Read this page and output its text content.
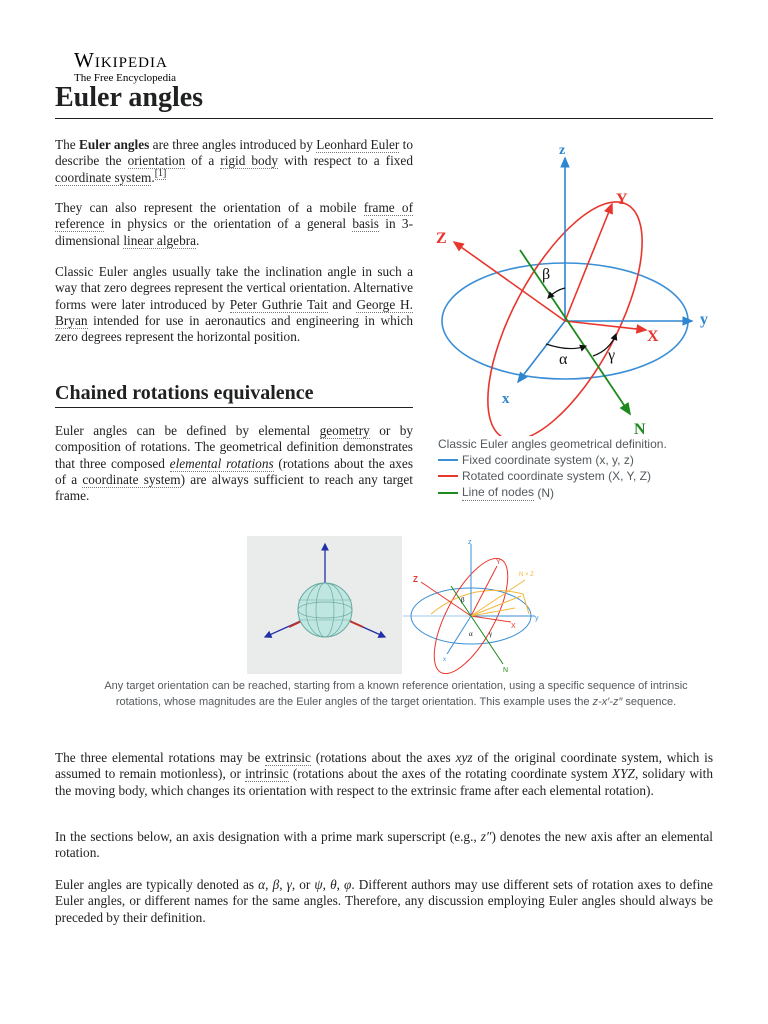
Wikipedia
The Free Encyclopedia
Euler angles

The Euler angles are three angles introduced by Leonhard Euler to describe the orientation of a rigid body with respect to a fixed coordinate system.[1]

They can also represent the orientation of a mobile frame of reference in physics or the orientation of a general basis in 3-dimensional linear algebra.

Classic Euler angles usually take the inclination angle in such a way that zero degrees represent the vertical orientation. Alternative forms were later introduced by Peter Guthrie Tait and George H. Bryan intended for use in aeronautics and engineering in which zero degrees represent the horizontal position.

Chained rotations equivalence

Euler angles can be defined by elemental geometry or by composition of rotations. The geometrical definition demonstrates that three composed elemental rotations (rotations about the axes of a coordinate system) are always sufficient to reach any target frame.

z
y
x
Z
Y
X
N
β
α	γ
Classic Euler angles geometrical definition.
Fixed coordinate system (x, y, z)
Rotated coordinate system (X, Y, Z)
Line of nodes (N)
z
Z
Y
N × Z
X
y
x
N
β
α γ
Any target orientation can be reached, starting from a known reference orientation, using a specific sequence of intrinsic rotations, whose magnitudes are the Euler angles of the target orientation. This example uses the z-x′-z″ sequence.

The three elemental rotations may be extrinsic (rotations about the axes xyz of the original coordinate system, which is assumed to remain motionless), or intrinsic (rotations about the axes of the rotating coordinate system XYZ, solidary with the moving body, which changes its orientation with respect to the extrinsic frame after each elemental rotation).

In the sections below, an axis designation with a prime mark superscript (e.g., z″) denotes the new axis after an elemental rotation.

Euler angles are typically denoted as α, β, γ, or ψ, θ, φ. Different authors may use different sets of rotation axes to define Euler angles, or different names for the same angles. Therefore, any discussion employing Euler angles should always be preceded by their definition.
